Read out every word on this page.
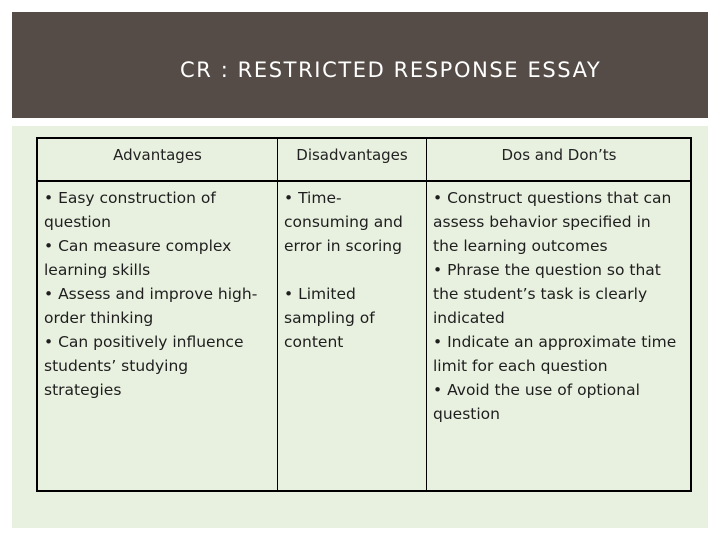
CR : RESTRICTED RESPONSE ESSAY
Advantages
• Easy construction of
question
• Can measure complex
learning skills
• Assess and improve high-
order thinking
• Can positively influence
students’ studying
strategies
Disadvantages
• Time-
consuming and
error in scoring
• Limited
sampling of
content
Dos and Don’ts
• Construct questions that can
assess behavior specified in
the learning outcomes
• Phrase the question so that
the student’s task is clearly
indicated
• Indicate an approximate time
limit for each question
• Avoid the use of optional
question
